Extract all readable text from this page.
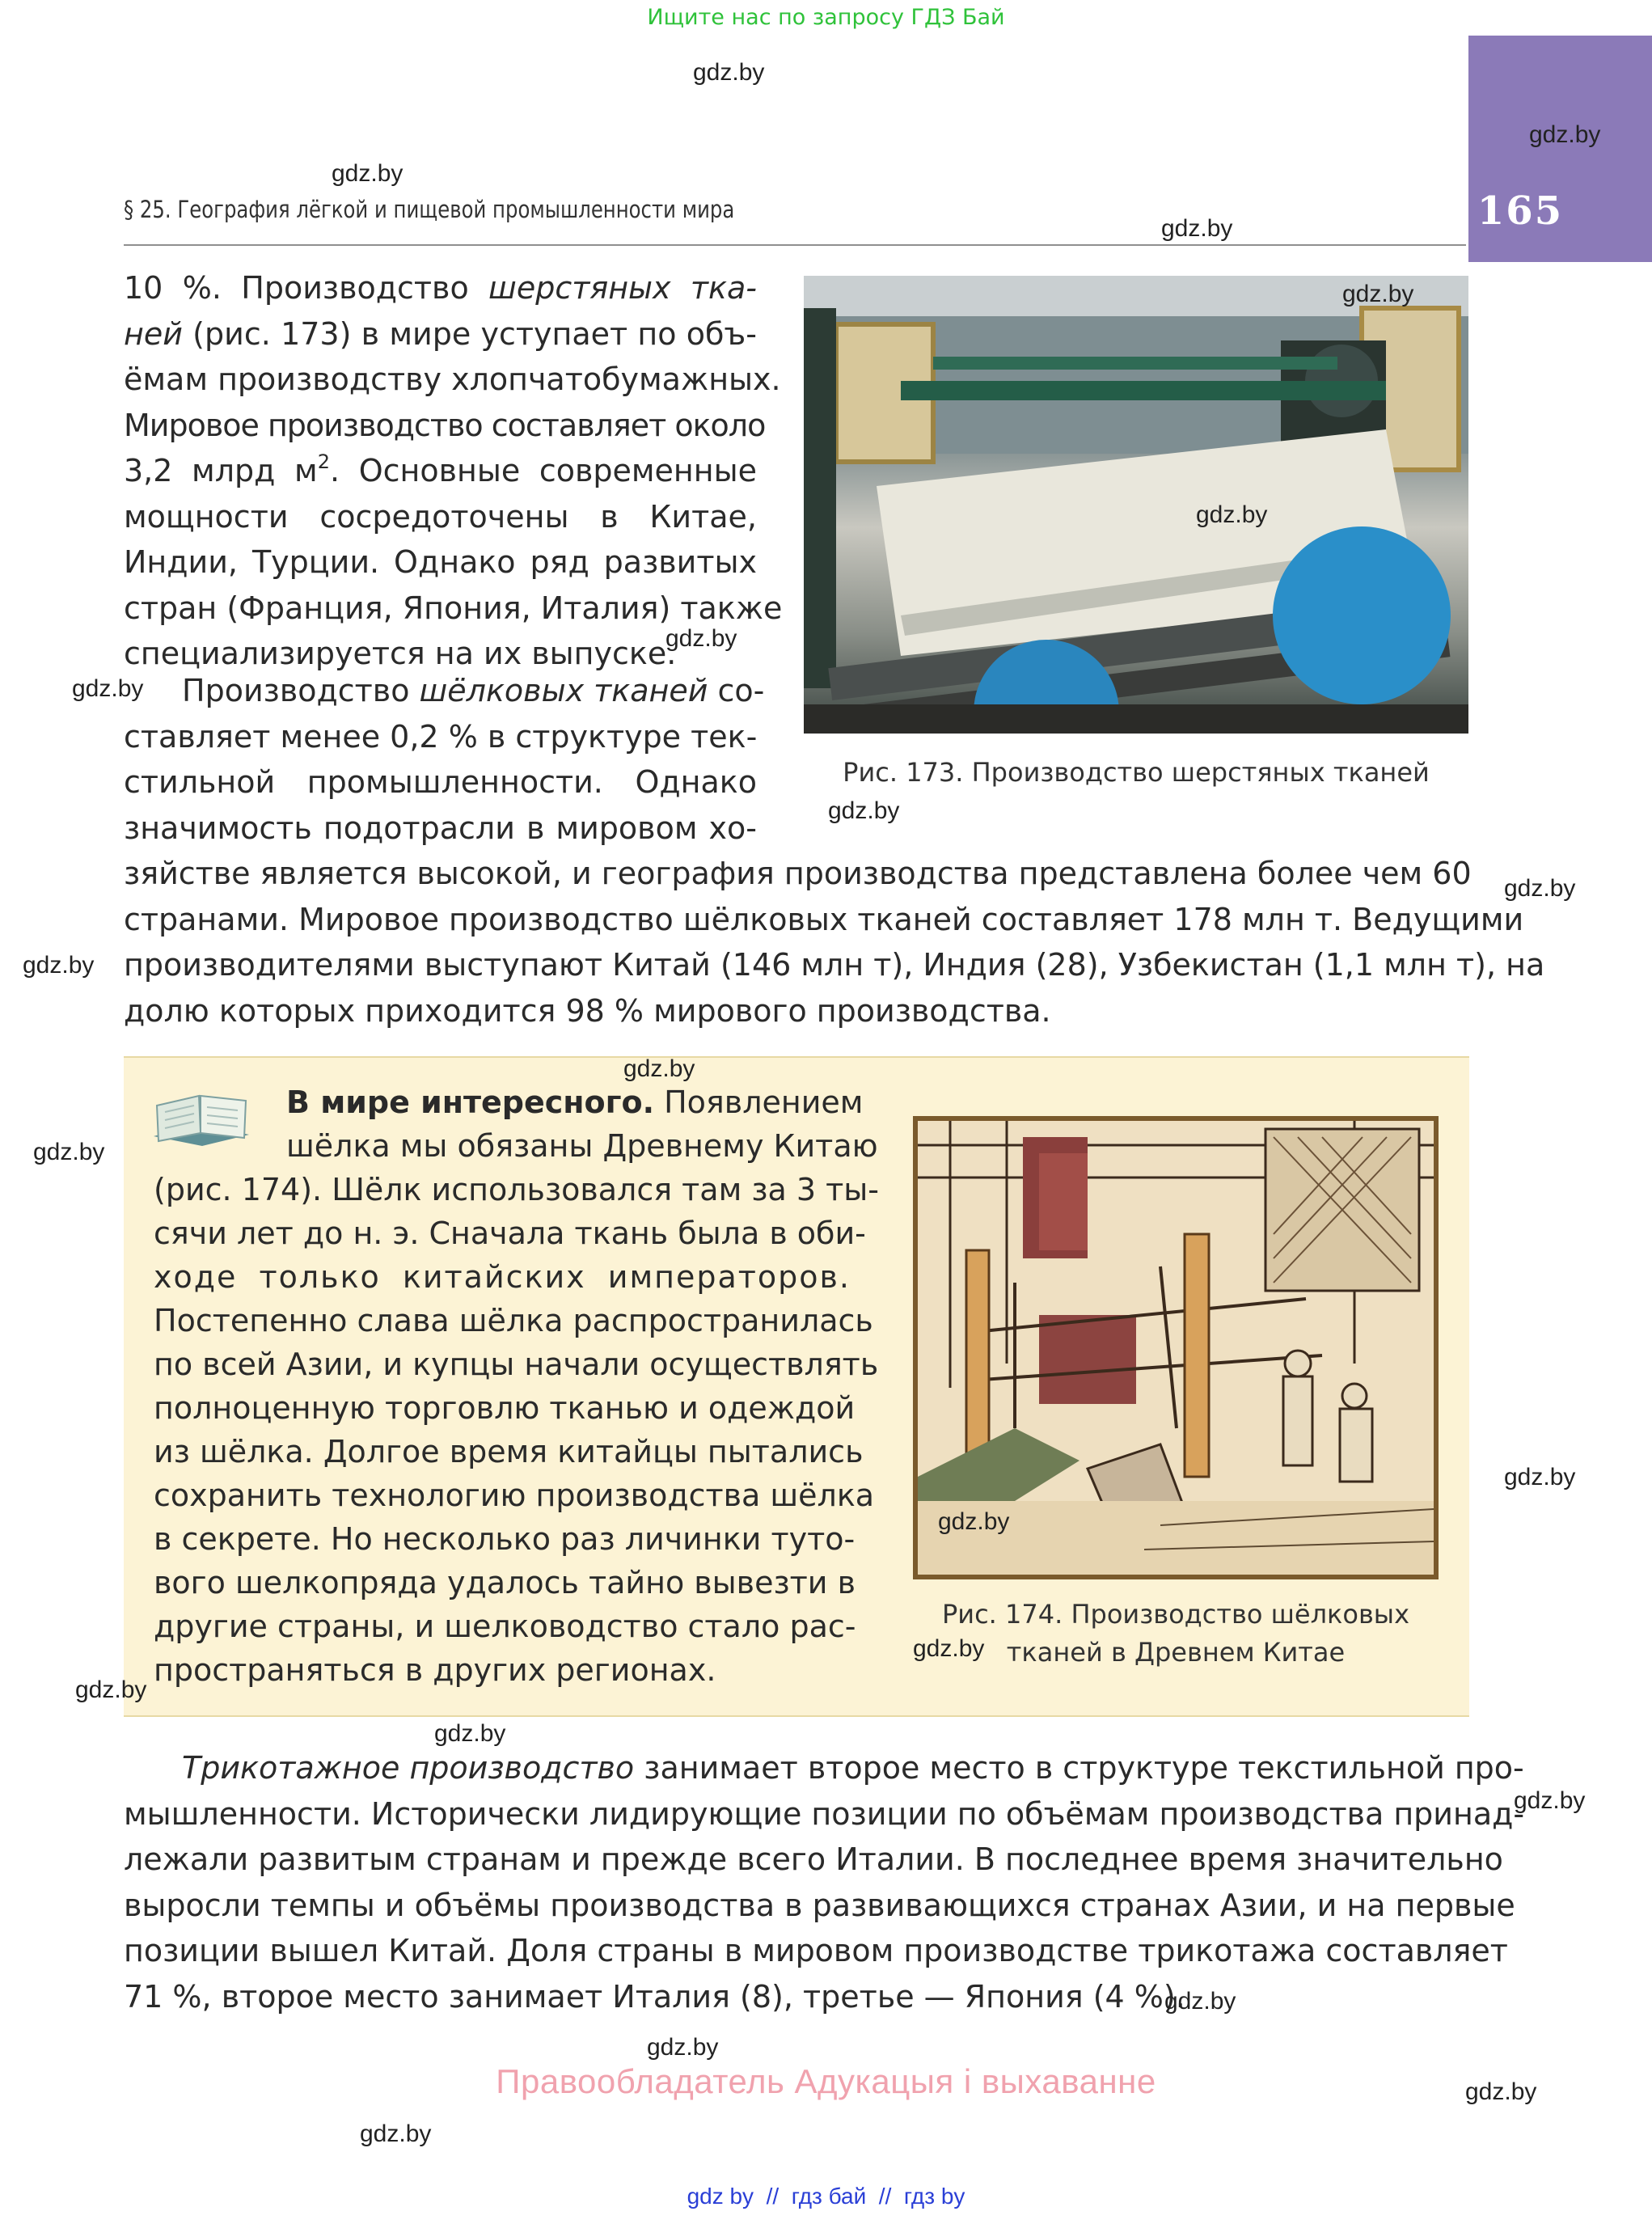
Ищите нас по запросу ГДЗ Бай
165
§ 25. География лёгкой и пищевой промышленности мира
10 %. Производство шерстяных тка-
ней (рис. 173) в мире уступает по объ-
ёмам производству хлопчатобумажных.
Мировое производство составляет около
3,2 млрд $м^2$. Основные современные
мощности сосредоточены в Китае,
Индии, Турции. Однако ряд развитых
стран (Франция, Япония, Италия) также
специализируется на их выпуске.
Производство шёлковых тканей со-
ставляет менее 0,2 % в структуре тек-
стильной промышленности. Однако
значимость подотрасли в мировом хо-
зяйстве является высокой, и география производства представлена более чем 60
странами. Мировое производство шёлковых тканей составляет 178 млн т. Ведущими
производителями выступают Китай (146 млн т), Индия (28), Узбекистан (1,1 млн т), на
долю которых приходится 98 % мирового производства.
Рис. 173. Производство шерстяных тканей
В мире интересного. Появлением
шёлка мы обязаны Древнему Китаю
(рис. 174). Шёлк использовался там за 3 ты-
сячи лет до н. э. Сначала ткань была в оби-
ходе только китайских императоров.
Постепенно слава шёлка распространилась
по всей Азии, и купцы начали осуществлять
полноценную торговлю тканью и одеждой
из шёлка. Долгое время китайцы пытались
сохранить технологию производства шёлка
в секрете. Но несколько раз личинки туто-
вого шелкопряда удалось тайно вывезти в
другие страны, и шелководство стало рас-
пространяться в других регионах.
Рис. 174. Производство шёлковых
тканей в Древнем Китае
Трикотажное производство занимает второе место в структуре текстильной про-
мышленности. Исторически лидирующие позиции по объёмам производства принад-
лежали развитым странам и прежде всего Италии. В последнее время значительно
выросли темпы и объёмы производства в развивающихся странах Азии, и на первые
позиции вышел Китай. Доля страны в мировом производстве трикотажа составляет
71 %, второе место занимает Италия (8), третье — Япония (4 %).
Правообладатель Адукацыя і выхаванне
gdz by  //  гдз бай  //  гдз by
gdz.by
gdz.by
gdz.by
gdz.by
gdz.by
gdz.by
gdz.by
gdz.by
gdz.by
gdz.by
gdz.by
gdz.by
gdz.by
gdz.by
gdz.by
gdz.by
gdz.by
gdz.by
gdz.by
gdz.by
gdz.by
gdz.by
gdz.by
